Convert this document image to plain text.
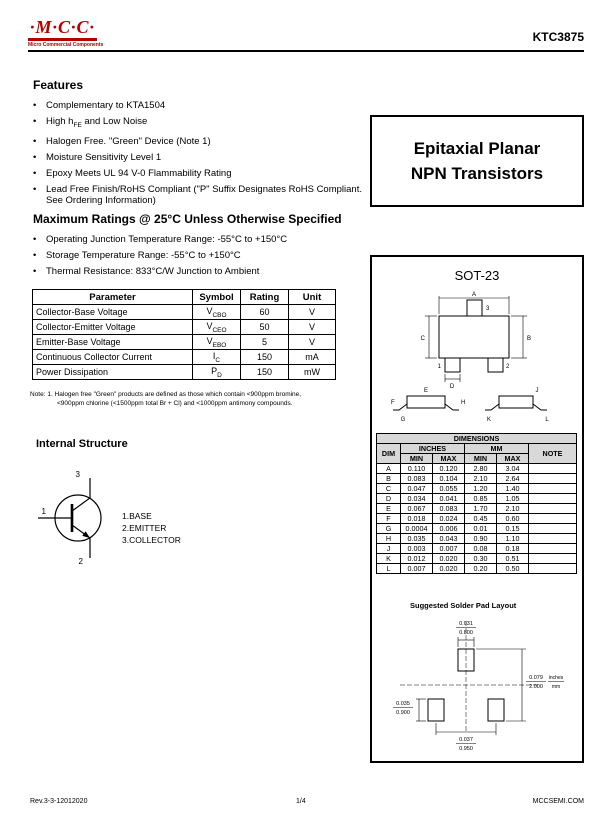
·M·C·C·
Micro Commercial Components
KTC3875
Features
•	Complementary to KTA1504
•	High $h_{FE}$ and Low Noise
•	Halogen Free. "Green" Device (Note 1)
•	Moisture Sensitivity Level 1
•	Epoxy Meets UL 94 V-0 Flammability Rating
•	Lead Free Finish/RoHS Compliant ("P" Suffix Designates RoHS Compliant. See Ordering Information)
Maximum Ratings @ 25°C Unless Otherwise Specified
•	Operating Junction Temperature Range: -55°C to +150°C
•	Storage Temperature Range: -55°C to +150°C
•	Thermal Resistance: 833°C/W Junction to Ambient
Parameter	Symbol	Rating	Unit
Collector-Base Voltage	$V_{CBO}$	60	V
Collector-Emitter Voltage	$V_{CEO}$	50	V
Emitter-Base Voltage	$V_{EBO}$	5	V
Continuous Collector Current	$I_C$	150	mA
Power Dissipation	$P_D$	150	mW
Note: 1. Halogen free "Green" products are defined as those which contain <900ppm bromine,
<900ppm chlorine (<1500ppm total Br + Cl) and <1000ppm antimony compounds.
Internal Structure
3
1
2
1.BASE
2.EMITTER
3.COLLECTOR
Epitaxial Planar
NPN Transistors
SOT-23
A
B
C
D
3
1	2
E
F
G
H
J
K	L
DIMENSIONS					
DIM	INCHES		MM		NOTE
	MIN	MAX	MIN	MAX	
A	0.110	0.120	2.80	3.04	
B	0.083	0.104	2.10	2.64	
C	0.047	0.055	1.20	1.40	
D	0.034	0.041	0.85	1.05	
E	0.067	0.083	1.70	2.10	
F	0.018	0.024	0.45	0.60	
G	0.0004	0.006	0.01	0.15	
H	0.035	0.043	0.90	1.10	
J	0.003	0.007	0.08	0.18	
K	0.012	0.020	0.30	0.51	
L	0.007	0.020	0.20	0.50	
Suggested Solder Pad Layout
0.031
0.800
0.035
0.900
0.079
2.000
inches
mm
0.037
0.950
Rev.3-3-12012020	1/4	MCCSEMI.COM
